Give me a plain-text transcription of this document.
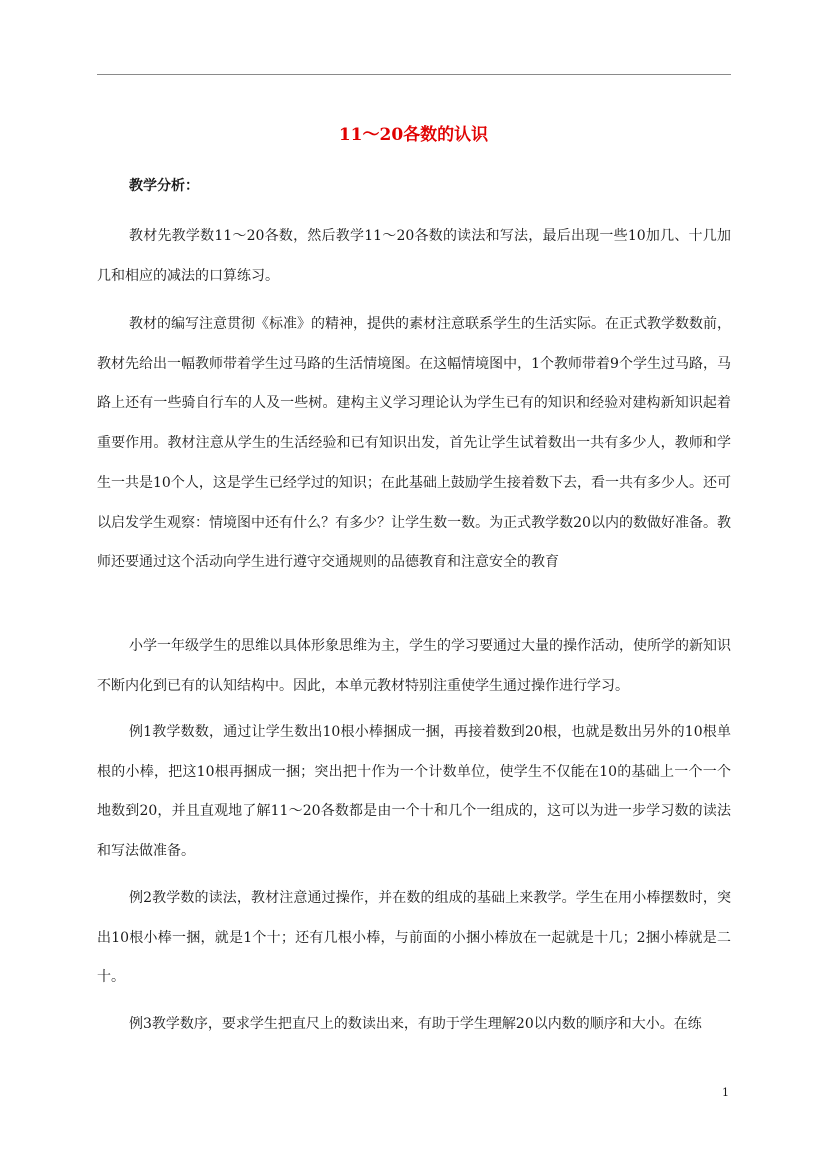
11～20各数的认识
教学分析：

教材先教学数11～20各数，然后教学11～20各数的读法和写法，最后出现一些10加几、十几加几和相应的减法的口算练习。

教材的编写注意贯彻《标准》的精神，提供的素材注意联系学生的生活实际。在正式教学数数前，教材先给出一幅教师带着学生过马路的生活情境图。在这幅情境图中，1个教师带着9个学生过马路，马路上还有一些骑自行车的人及一些树。建构主义学习理论认为学生已有的知识和经验对建构新知识起着重要作用。教材注意从学生的生活经验和已有知识出发，首先让学生试着数出一共有多少人，教师和学生一共是10个人，这是学生已经学过的知识；在此基础上鼓励学生接着数下去，看一共有多少人。还可以启发学生观察：情境图中还有什么？有多少？让学生数一数。为正式教学数20以内的数做好准备。教师还要通过这个活动向学生进行遵守交通规则的品德教育和注意安全的教育

小学一年级学生的思维以具体形象思维为主，学生的学习要通过大量的操作活动，使所学的新知识不断内化到已有的认知结构中。因此，本单元教材特别注重使学生通过操作进行学习。

例1教学数数，通过让学生数出10根小棒捆成一捆，再接着数到20根，也就是数出另外的10根单根的小棒，把这10根再捆成一捆；突出把十作为一个计数单位，使学生不仅能在10的基础上一个一个地数到20，并且直观地了解11～20各数都是由一个十和几个一组成的，这可以为进一步学习数的读法和写法做准备。

例2教学数的读法，教材注意通过操作，并在数的组成的基础上来教学。学生在用小棒摆数时，突出10根小棒一捆，就是1个十；还有几根小棒，与前面的小捆小棒放在一起就是十几；2捆小棒就是二十。

例3教学数序，要求学生把直尺上的数读出来，有助于学生理解20以内数的顺序和大小。在练

1
